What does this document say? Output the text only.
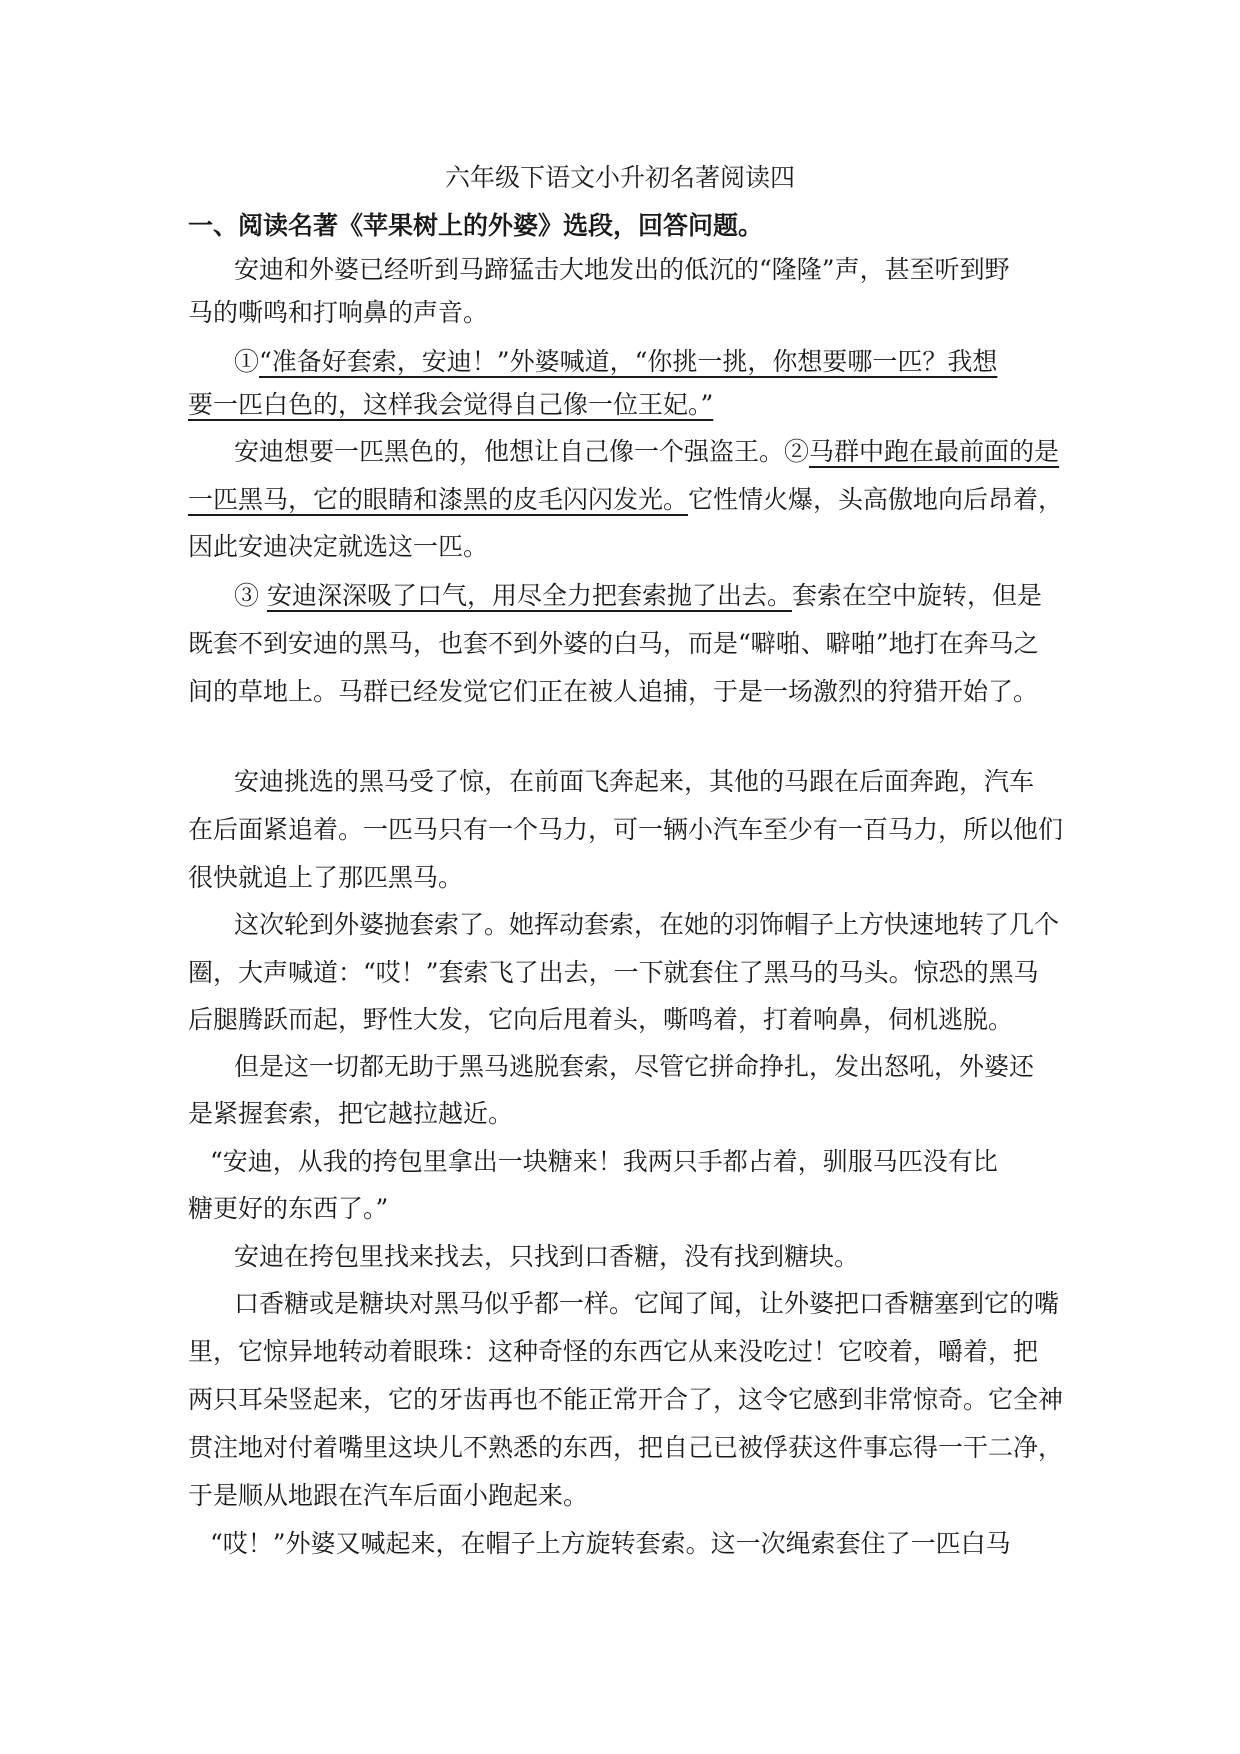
六年级下语文小升初名著阅读四
一、阅读名著《苹果树上的外婆》选段，回答问题。
安迪和外婆已经听到马蹄猛击大地发出的低沉的“隆隆”声，甚至听到野
马的嘶鸣和打响鼻的声音。
①“准备好套索，安迪！”外婆喊道，“你挑一挑，你想要哪一匹？我想
要一匹白色的，这样我会觉得自己像一位王妃。”
安迪想要一匹黑色的，他想让自己像一个强盗王。②马群中跑在最前面的是
一匹黑马，它的眼睛和漆黑的皮毛闪闪发光。它性情火爆，头高傲地向后昂着，
因此安迪决定就选这一匹。
③ 安迪深深吸了口气，用尽全力把套索抛了出去。套索在空中旋转，但是
既套不到安迪的黑马，也套不到外婆的白马，而是“噼啪、噼啪”地打在奔马之
间的草地上。马群已经发觉它们正在被人追捕，于是一场激烈的狩猎开始了。
安迪挑选的黑马受了惊，在前面飞奔起来，其他的马跟在后面奔跑，汽车
在后面紧追着。一匹马只有一个马力，可一辆小汽车至少有一百马力，所以他们
很快就追上了那匹黑马。
这次轮到外婆抛套索了。她挥动套索，在她的羽饰帽子上方快速地转了几个
圈，大声喊道：“哎！”套索飞了出去，一下就套住了黑马的马头。惊恐的黑马
后腿腾跃而起，野性大发，它向后甩着头，嘶鸣着，打着响鼻，伺机逃脱。
但是这一切都无助于黑马逃脱套索，尽管它拼命挣扎，发出怒吼，外婆还
是紧握套索，把它越拉越近。
“安迪，从我的挎包里拿出一块糖来！我两只手都占着，驯服马匹没有比
糖更好的东西了。”
安迪在挎包里找来找去，只找到口香糖，没有找到糖块。
口香糖或是糖块对黑马似乎都一样。它闻了闻，让外婆把口香糖塞到它的嘴
里，它惊异地转动着眼珠：这种奇怪的东西它从来没吃过！它咬着，嚼着，把
两只耳朵竖起来，它的牙齿再也不能正常开合了，这令它感到非常惊奇。它全神
贯注地对付着嘴里这块儿不熟悉的东西，把自己已被俘获这件事忘得一干二净，
于是顺从地跟在汽车后面小跑起来。
“哎！”外婆又喊起来，在帽子上方旋转套索。这一次绳索套住了一匹白马
